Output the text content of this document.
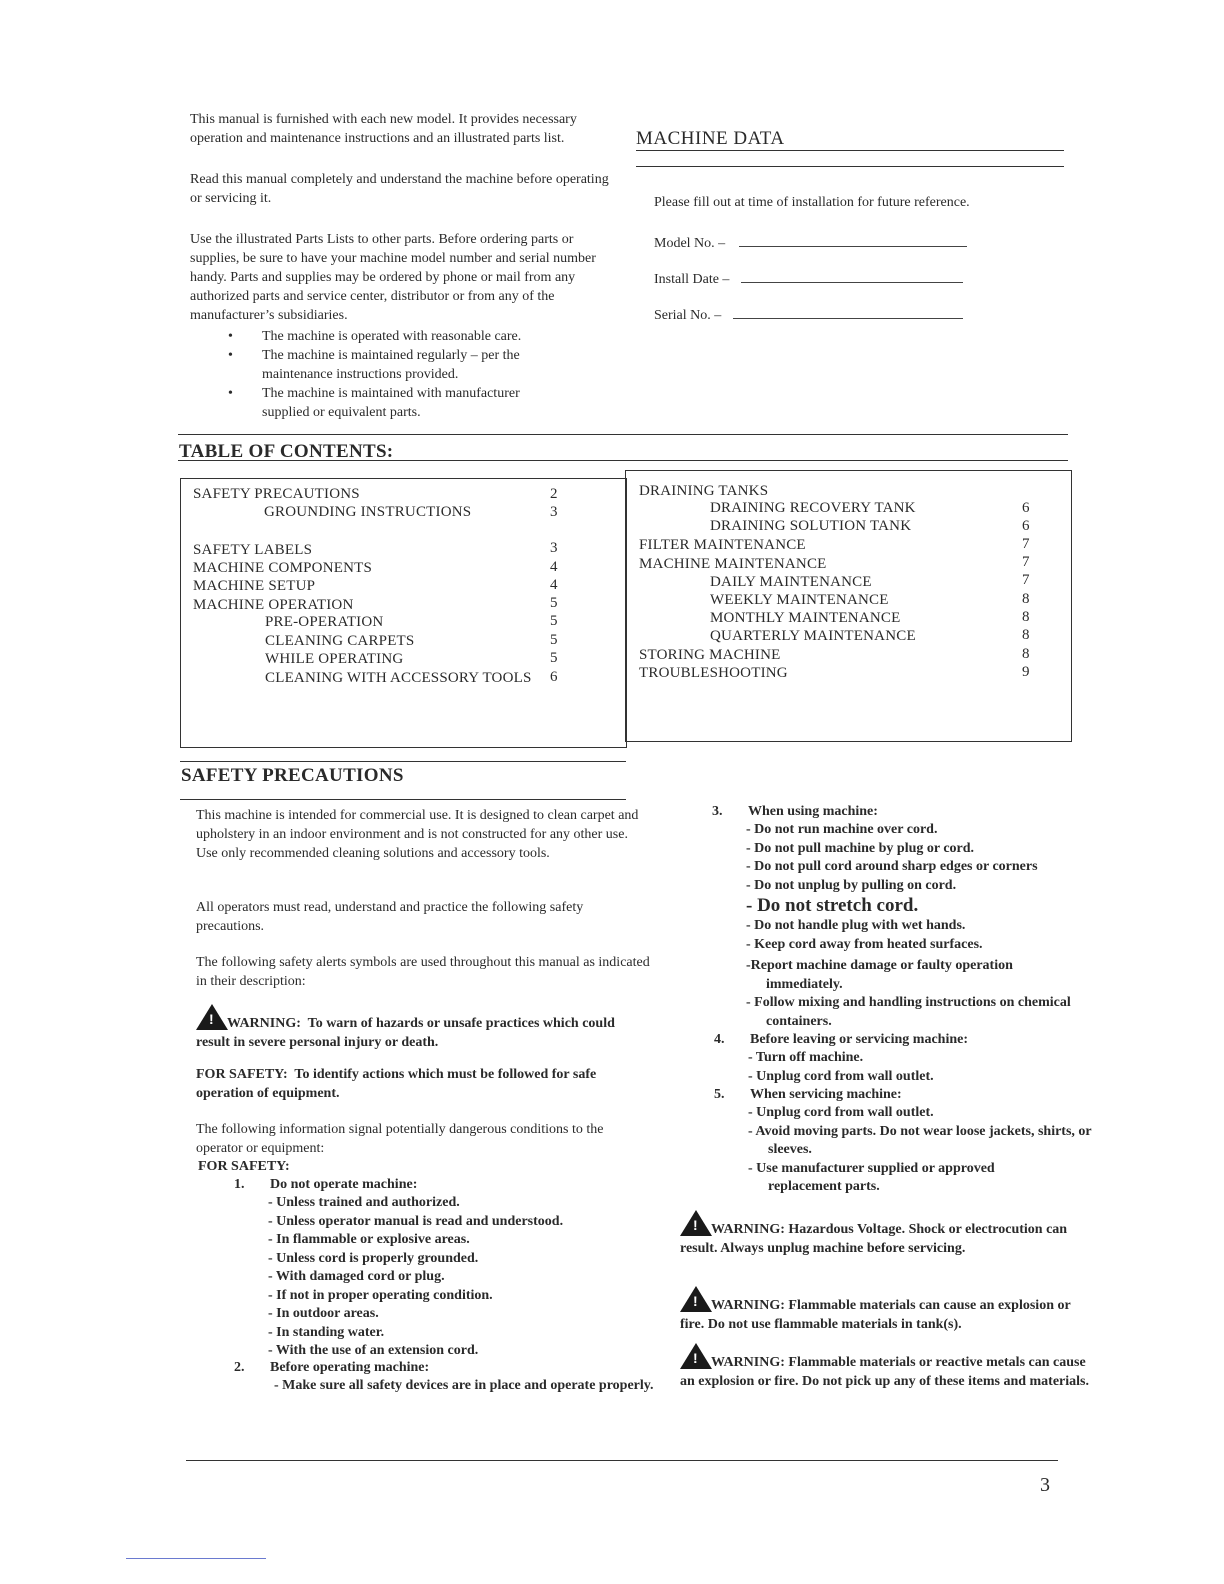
This manual is furnished with each new model. It provides necessary operation and maintenance instructions and an illustrated parts list.

Read this manual completely and understand the machine before operating or servicing it.

Use the illustrated Parts Lists to other parts. Before ordering parts or supplies, be sure to have your machine model number and serial number handy. Parts and supplies may be ordered by phone or mail from any authorized parts and service center, distributor or from any of the manufacturer’s subsidiaries.

• The machine is operated with reasonable care.
• The machine is maintained regularly – per the maintenance instructions provided.
• The machine is maintained with manufacturer supplied or equivalent parts.
MACHINE DATA
Please fill out at time of installation for future reference.
Model No. –
Install Date –
Serial No. –
TABLE OF CONTENTS:
SAFETY PRECAUTIONS	2
GROUNDING INSTRUCTIONS	3
SAFETY LABELS	3
MACHINE COMPONENTS	4
MACHINE SETUP	4
MACHINE OPERATION	5
PRE-OPERATION	5
CLEANING CARPETS	5
WHILE OPERATING	5
CLEANING WITH ACCESSORY TOOLS 6
DRAINING TANKS
DRAINING RECOVERY TANK	6
DRAINING SOLUTION TANK	6
FILTER MAINTENANCE	7
MACHINE MAINTENANCE	7
DAILY MAINTENANCE	7
WEEKLY MAINTENANCE	8
MONTHLY MAINTENANCE	8
QUARTERLY MAINTENANCE	8
STORING MACHINE	8
TROUBLESHOOTING	9
SAFETY PRECAUTIONS
This machine is intended for commercial use. It is designed to clean carpet and upholstery in an indoor environment and is not constructed for any other use. Use only recommended cleaning solutions and accessory tools.
All operators must read, understand and practice the following safety precautions.
The following safety alerts symbols are used throughout this manual as indicated in their description:
!WARNING: To warn of hazards or unsafe practices which could result in severe personal injury or death.
FOR SAFETY: To identify actions which must be followed for safe operation of equipment.
The following information signal potentially dangerous conditions to the operator or equipment:
FOR SAFETY:
1. Do not operate machine:
- Unless trained and authorized.
- Unless operator manual is read and understood.
- In flammable or explosive areas.
- Unless cord is properly grounded.
- With damaged cord or plug.
- If not in proper operating condition.
- In outdoor areas.
- In standing water.
- With the use of an extension cord.
2. Before operating machine:
- Make sure all safety devices are in place and operate properly.
3. When using machine:
- Do not run machine over cord.
- Do not pull machine by plug or cord.
- Do not pull cord around sharp edges or corners
- Do not unplug by pulling on cord.
- Do not stretch cord.
- Do not handle plug with wet hands.
- Keep cord away from heated surfaces.
-Report machine damage or faulty operation immediately.
- Follow mixing and handling instructions on chemical containers.
4. Before leaving or servicing machine:
- Turn off machine.
- Unplug cord from wall outlet.
5. When servicing machine:
- Unplug cord from wall outlet.
- Avoid moving parts. Do not wear loose jackets, shirts, or sleeves.
- Use manufacturer supplied or approved replacement parts.
!WARNING: Hazardous Voltage. Shock or electrocution can result. Always unplug machine before servicing.
!WARNING: Flammable materials can cause an explosion or fire. Do not use flammable materials in tank(s).
!WARNING: Flammable materials or reactive metals can cause an explosion or fire. Do not pick up any of these items and materials.
3
